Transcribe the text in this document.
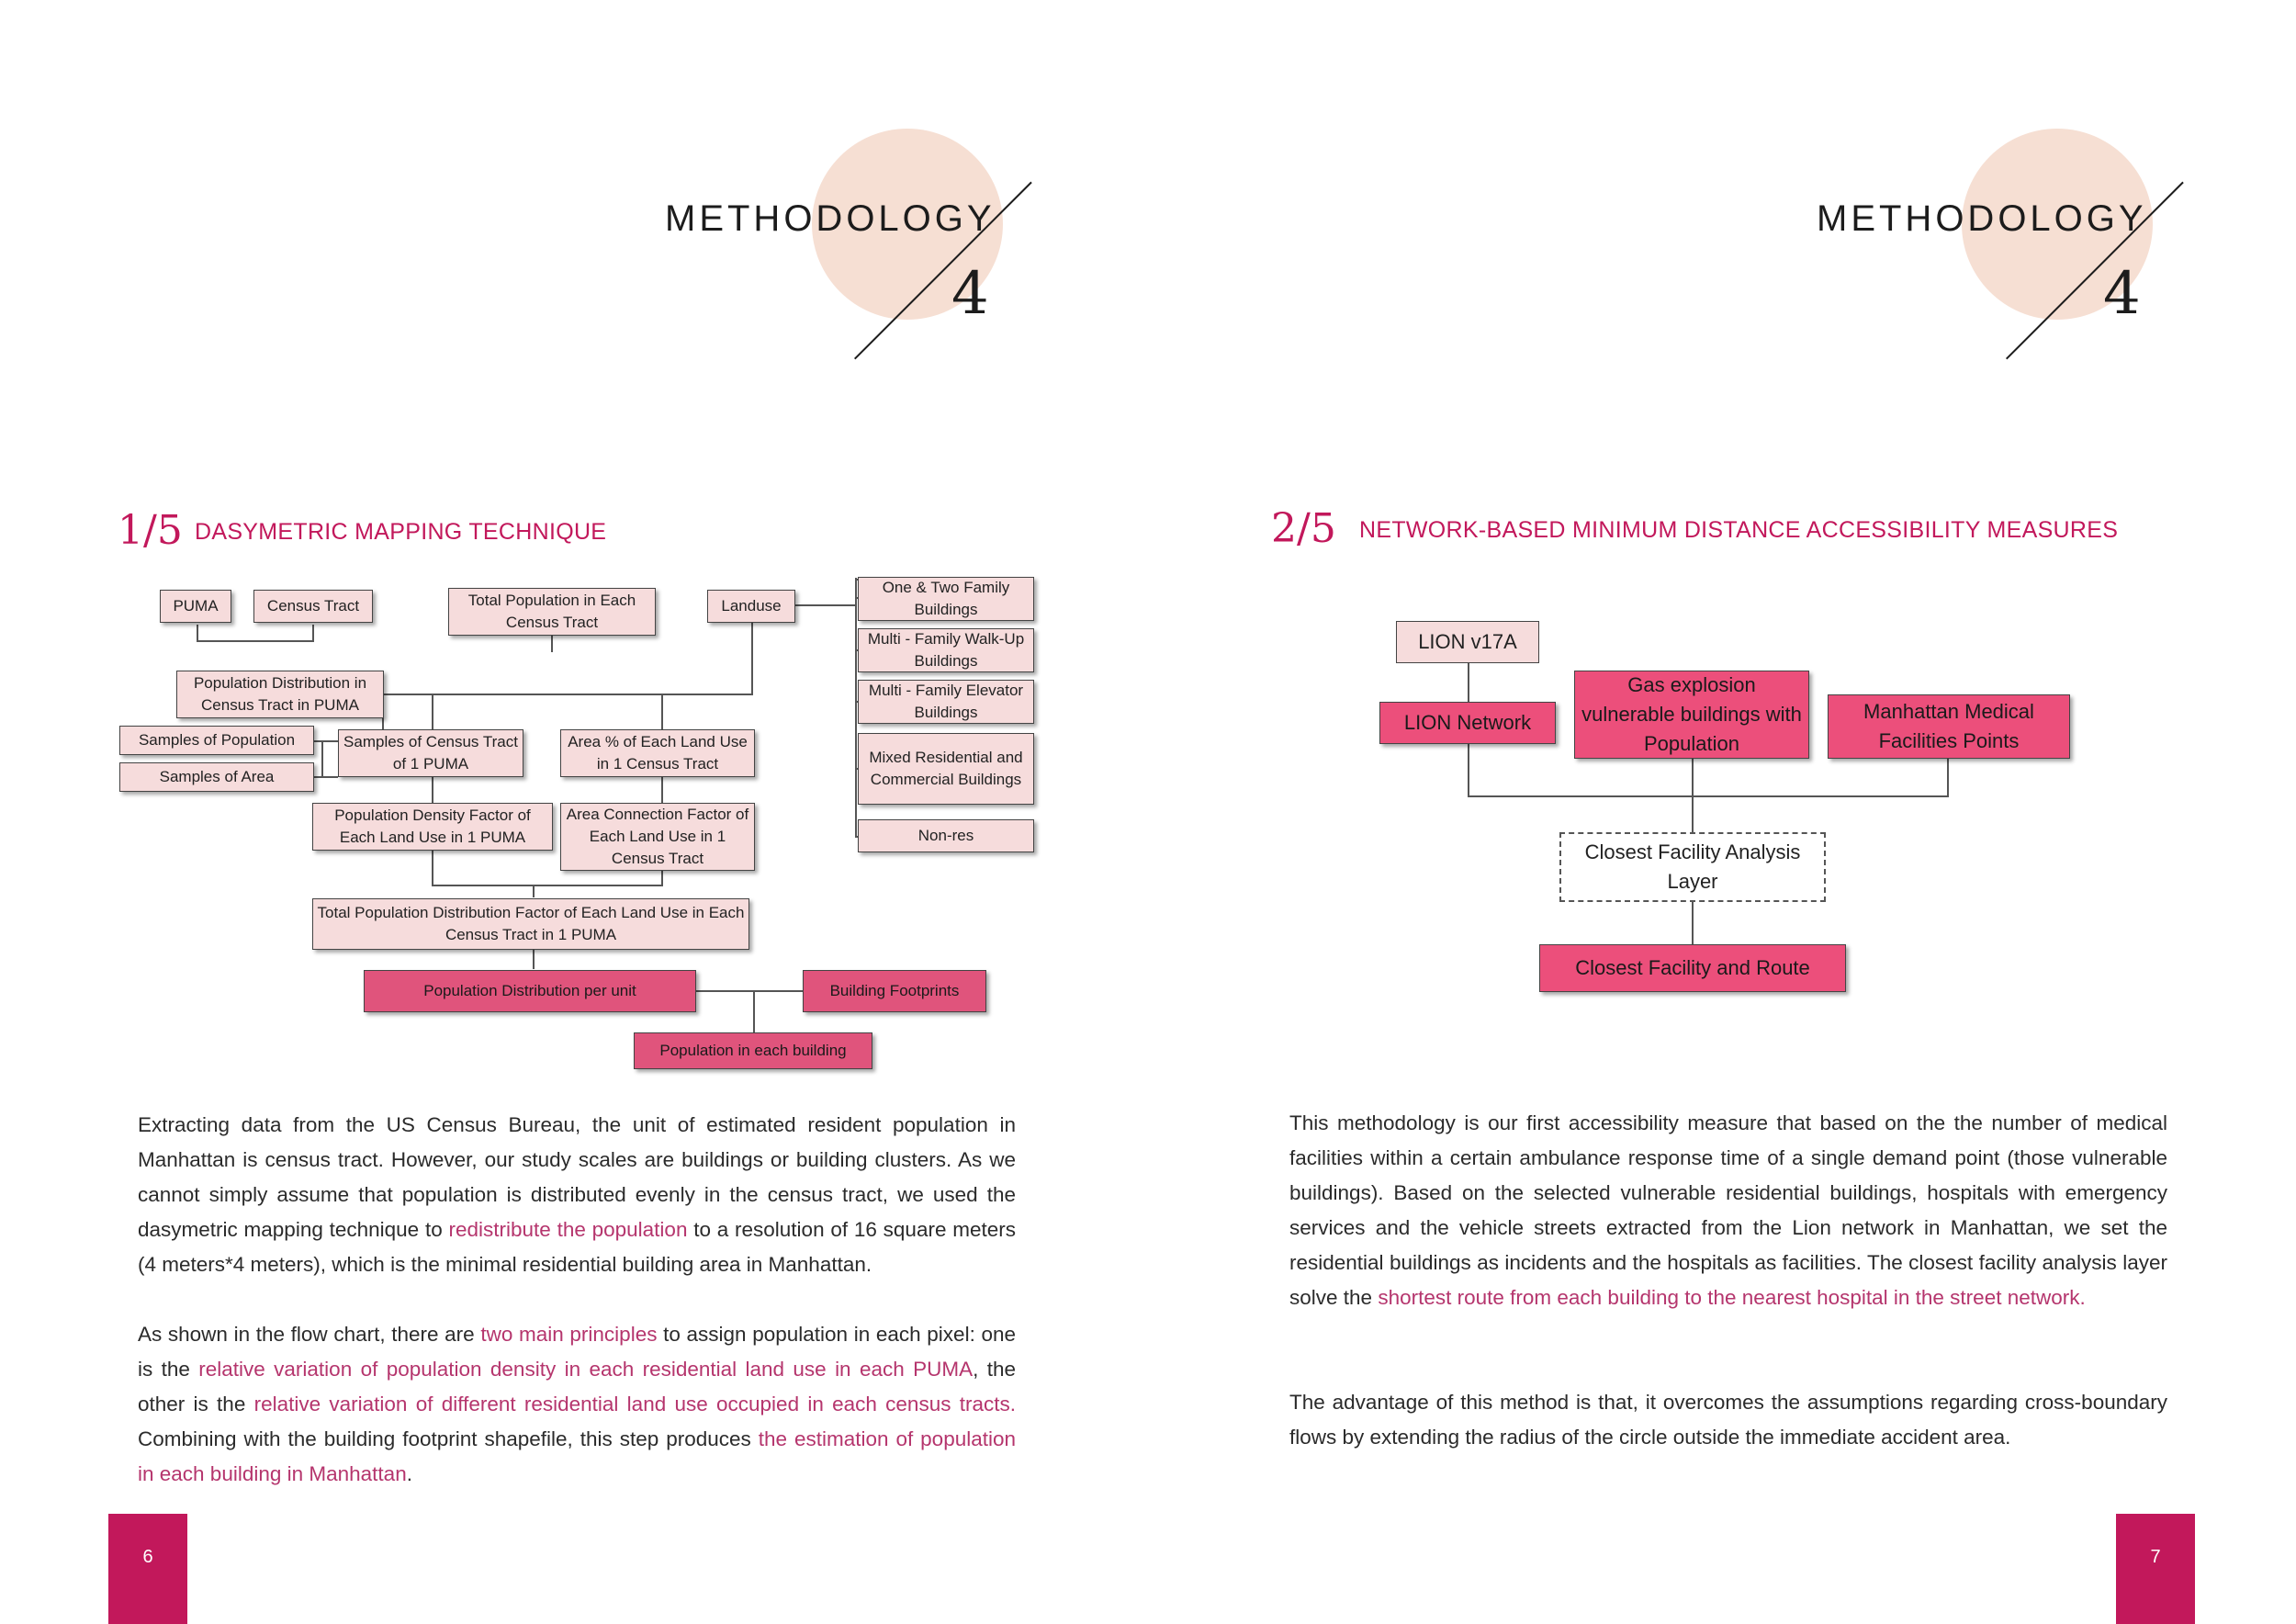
METHODOLOGY
4
1/5 DASYMETRIC MAPPING TECHNIQUE
PUMA	Census Tract	Total Population in Each Census Tract
Landuse
One & Two Family Buildings
Multi - Family Walk-Up Buildings
Multi - Family Elevator Buildings
Mixed Residential and Commercial Buildings
Non-res
Population Distribution in Census Tract in PUMA
Samples of Population
Samples of Area
Samples of Census Tract of 1 PUMA
Area % of Each Land Use in 1 Census Tract
Population Density Factor of Each Land Use in 1 PUMA
Area Connection Factor of Each Land Use in 1 Census Tract
Total Population Distribution Factor of Each Land Use in Each Census Tract in 1 PUMA
Population Distribution per unit	Building Footprints
Population in each building
Extracting data from the US Census Bureau, the unit of estimated resident population in Manhattan is census tract. However, our study scales are buildings or building clusters. As we cannot simply assume that population is distributed evenly in the census tract, we used the dasymetric mapping technique to redistribute the population to a resolution of 16 square meters (4 meters*4 meters), which is the minimal residential building area in Manhattan.
As shown in the flow chart, there are two main principles to assign population in each pixel: one is the relative variation of population density in each residential land use in each PUMA, the other is the relative variation of different residential land use occupied in each census tracts. Combining with the building footprint shapefile, this step produces the estimation of population in each building in Manhattan.
6
METHODOLOGY
4
2/5 NETWORK-BASED MINIMUM DISTANCE ACCESSIBILITY MEASURES
LION v17A
LION Network
Gas explosion vulnerable buildings with Population
Manhattan Medical Facilities Points
Closest Facility Analysis Layer
Closest Facility and Route
This methodology is our first accessibility measure that based on the the number of medical facilities within a certain ambulance response time of a single demand point (those vulnerable buildings). Based on the selected vulnerable residential buildings, hospitals with emergency services and the vehicle streets extracted from the Lion network in Manhattan, we set the residential buildings as incidents and the hospitals as facilities. The closest facility analysis layer solve the shortest route from each building to the nearest hospital in the street network.
The advantage of this method is that, it overcomes the assumptions regarding cross-boundary flows by extending the radius of the circle outside the immediate accident area.
7
